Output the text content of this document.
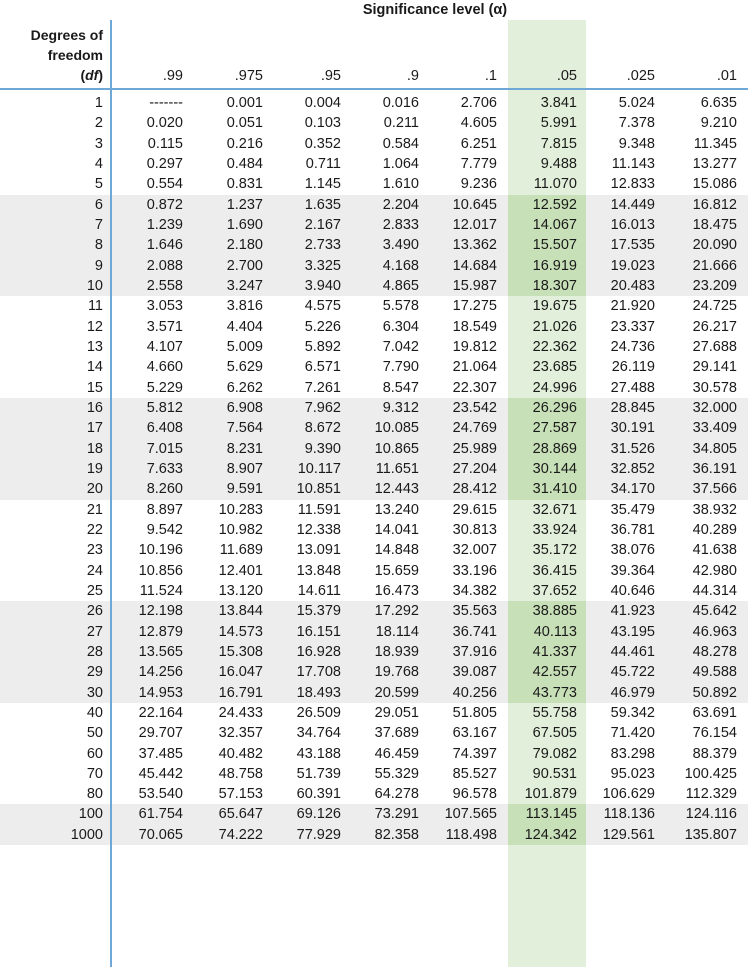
1	-------	0.001	0.004	0.016	2.706	3.841	5.024	6.635
2	0.020	0.051	0.103	0.211	4.605	5.991	7.378	9.210
3	0.115	0.216	0.352	0.584	6.251	7.815	9.348	11.345
4	0.297	0.484	0.711	1.064	7.779	9.488	11.143	13.277
5	0.554	0.831	1.145	1.610	9.236	11.070	12.833	15.086
6	0.872	1.237	1.635	2.204	10.645	12.592	14.449	16.812
7	1.239	1.690	2.167	2.833	12.017	14.067	16.013	18.475
8	1.646	2.180	2.733	3.490	13.362	15.507	17.535	20.090
9	2.088	2.700	3.325	4.168	14.684	16.919	19.023	21.666
10	2.558	3.247	3.940	4.865	15.987	18.307	20.483	23.209
11	3.053	3.816	4.575	5.578	17.275	19.675	21.920	24.725
12	3.571	4.404	5.226	6.304	18.549	21.026	23.337	26.217
13	4.107	5.009	5.892	7.042	19.812	22.362	24.736	27.688
14	4.660	5.629	6.571	7.790	21.064	23.685	26.119	29.141
15	5.229	6.262	7.261	8.547	22.307	24.996	27.488	30.578
16	5.812	6.908	7.962	9.312	23.542	26.296	28.845	32.000
17	6.408	7.564	8.672	10.085	24.769	27.587	30.191	33.409
18	7.015	8.231	9.390	10.865	25.989	28.869	31.526	34.805
19	7.633	8.907	10.117	11.651	27.204	30.144	32.852	36.191
20	8.260	9.591	10.851	12.443	28.412	31.410	34.170	37.566
21	8.897	10.283	11.591	13.240	29.615	32.671	35.479	38.932
22	9.542	10.982	12.338	14.041	30.813	33.924	36.781	40.289
23	10.196	11.689	13.091	14.848	32.007	35.172	38.076	41.638
24	10.856	12.401	13.848	15.659	33.196	36.415	39.364	42.980
25	11.524	13.120	14.611	16.473	34.382	37.652	40.646	44.314
26	12.198	13.844	15.379	17.292	35.563	38.885	41.923	45.642
27	12.879	14.573	16.151	18.114	36.741	40.113	43.195	46.963
28	13.565	15.308	16.928	18.939	37.916	41.337	44.461	48.278
29	14.256	16.047	17.708	19.768	39.087	42.557	45.722	49.588
30	14.953	16.791	18.493	20.599	40.256	43.773	46.979	50.892
40	22.164	24.433	26.509	29.051	51.805	55.758	59.342	63.691
50	29.707	32.357	34.764	37.689	63.167	67.505	71.420	76.154
60	37.485	40.482	43.188	46.459	74.397	79.082	83.298	88.379
70	45.442	48.758	51.739	55.329	85.527	90.531	95.023	100.425
80	53.540	57.153	60.391	64.278	96.578	101.879	106.629	112.329
100	61.754	65.647	69.126	73.291	107.565	113.145	118.136	124.116
1000	70.065	74.222	77.929	82.358	118.498	124.342	129.561	135.807
Significance level (α)
Degrees of
freedom
(df)	.99	.975	.95	.9	.1	.05	.025	.01
